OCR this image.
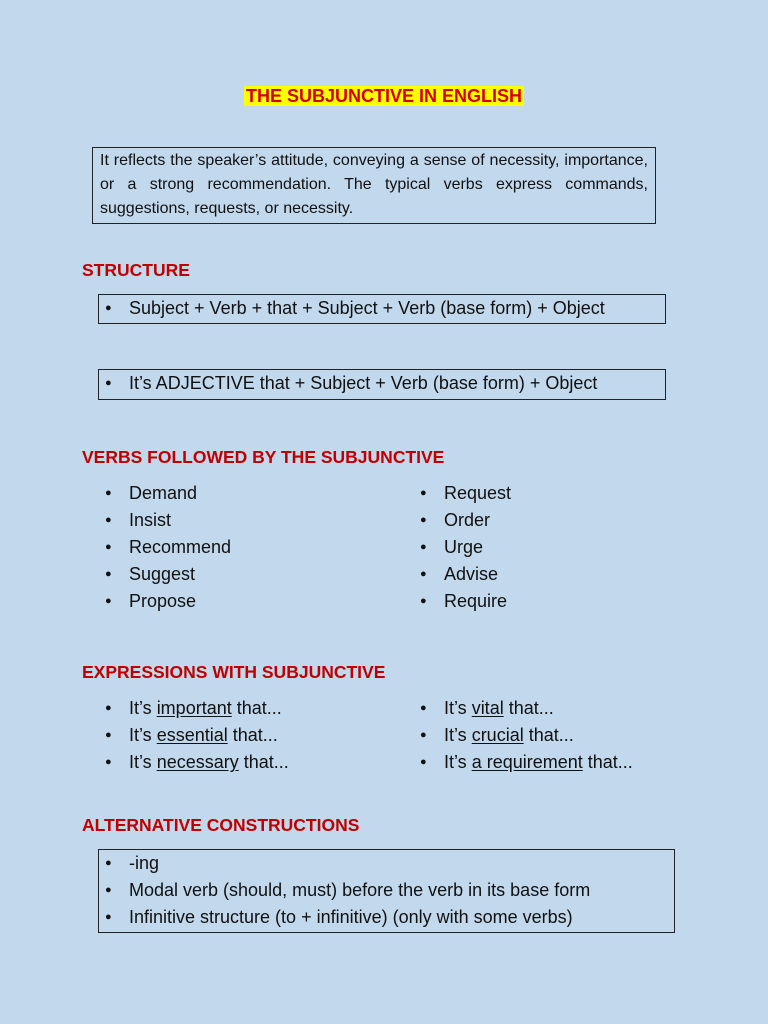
THE SUBJUNCTIVE IN ENGLISH
It reflects the speaker’s attitude, conveying a sense of necessity, importance, or a strong recommendation. The typical verbs express commands, suggestions, requests, or necessity.
STRUCTURE
● Subject + Verb + that + Subject + Verb (base form) + Object
● It’s ADJECTIVE that + Subject + Verb (base form) + Object
VERBS FOLLOWED BY THE SUBJUNCTIVE
● Demand
● Insist
● Recommend
● Suggest
● Propose
● Request
● Order
● Urge
● Advise
● Require
EXPRESSIONS WITH SUBJUNCTIVE
● It’s important that...
● It’s essential that...
● It’s necessary that...
● It’s vital that...
● It’s crucial that...
● It’s a requirement that...
ALTERNATIVE CONSTRUCTIONS
● -ing
● Modal verb (should, must) before the verb in its base form
● Infinitive structure (to + infinitive) (only with some verbs)
